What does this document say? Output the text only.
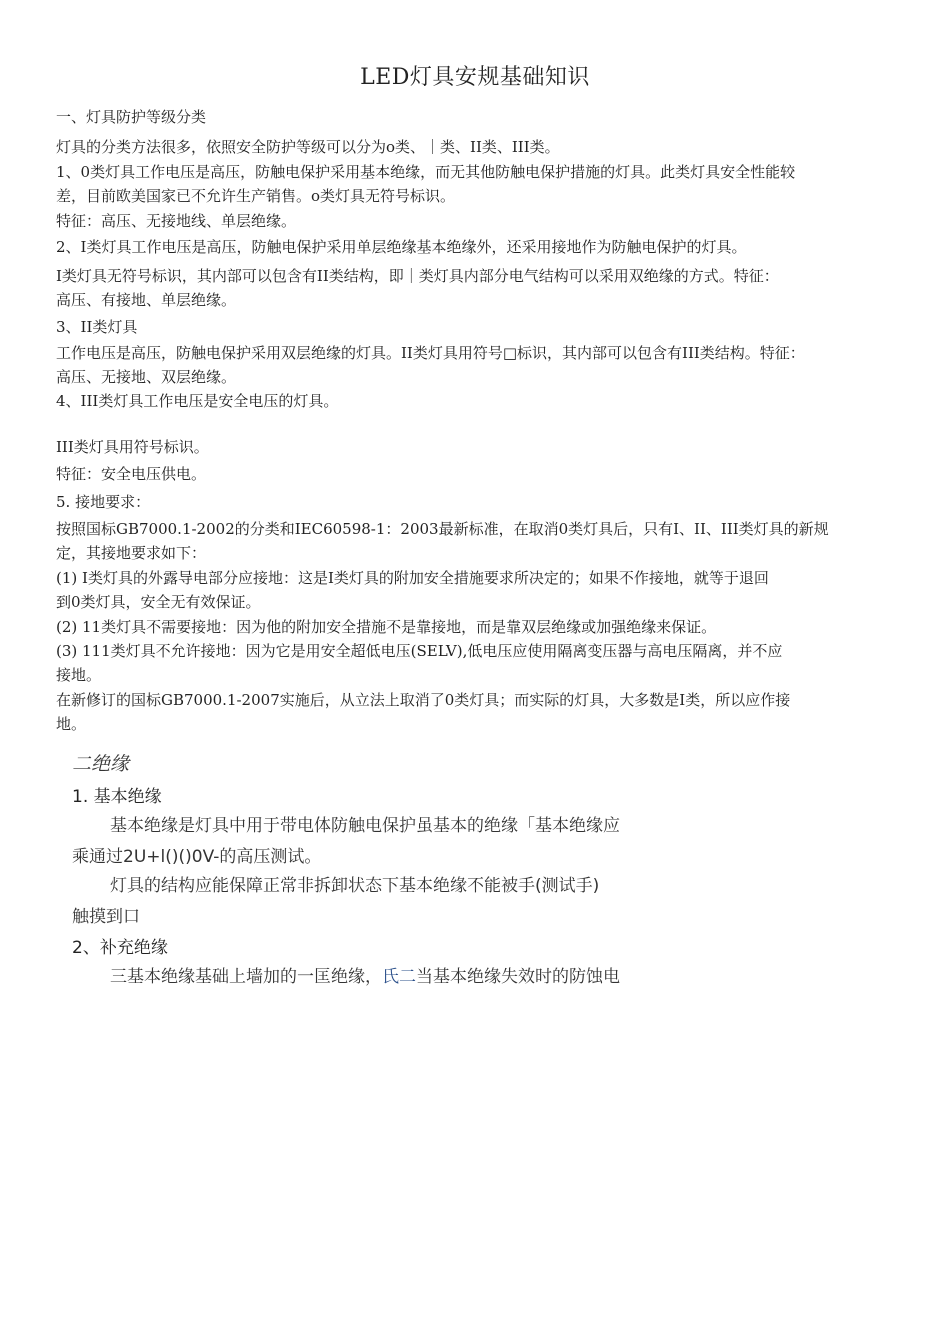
LED灯具安规基础知识
一、灯具防护等级分类
灯具的分类方法很多，依照安全防护等级可以分为o类、｜类、II类、III类。
1、0类灯具工作电压是高压，防触电保护采用基本绝缘，而无其他防触电保护措施的灯具。此类灯具安全性能较
差，目前欧美国家已不允许生产销售。o类灯具无符号标识。
特征：高压、无接地线、单层绝缘。
2、I类灯具工作电压是高压，防触电保护采用单层绝缘基本绝缘外，还采用接地作为防触电保护的灯具。
I类灯具无符号标识，其内部可以包含有II类结构，即｜类灯具内部分电气结构可以采用双绝缘的方式。特征：
高压、有接地、单层绝缘。
3、II类灯具
工作电压是高压，防触电保护采用双层绝缘的灯具。II类灯具用符号□标识，其内部可以包含有III类结构。特征：
高压、无接地、双层绝缘。
4、III类灯具工作电压是安全电压的灯具。
III类灯具用符号标识。
特征：安全电压供电。
5. 接地要求：
按照国标GB7000.1-2002的分类和IEC60598-1：2003最新标准，在取消0类灯具后，只有I、II、III类灯具的新规
定，其接地要求如下：
(1) I类灯具的外露导电部分应接地：这是I类灯具的附加安全措施要求所决定的；如果不作接地，就等于退回
到0类灯具，安全无有效保证。
(2) 11类灯具不需要接地：因为他的附加安全措施不是靠接地，而是靠双层绝缘或加强绝缘来保证。
(3) 111类灯具不允许接地：因为它是用安全超低电压(SELV),低电压应使用隔离变压器与高电压隔离，并不应
接地。
在新修订的国标GB7000.1-2007实施后，从立法上取消了0类灯具；而实际的灯具，大多数是I类，所以应作接
地。
二绝缘
1. 基本绝缘
基本绝缘是灯具中用于带电体防触电保护虽基本的绝缘「基本绝缘应
乘通过2U+l()()0V-的高压测试。
灯具的结构应能保障正常非拆卸状态下基本绝缘不能被手(测试手)
触摸到口
2、补充绝缘
三基本绝缘基础上墙加的一匡绝缘，氏二当基本绝缘失效时的防蚀电
